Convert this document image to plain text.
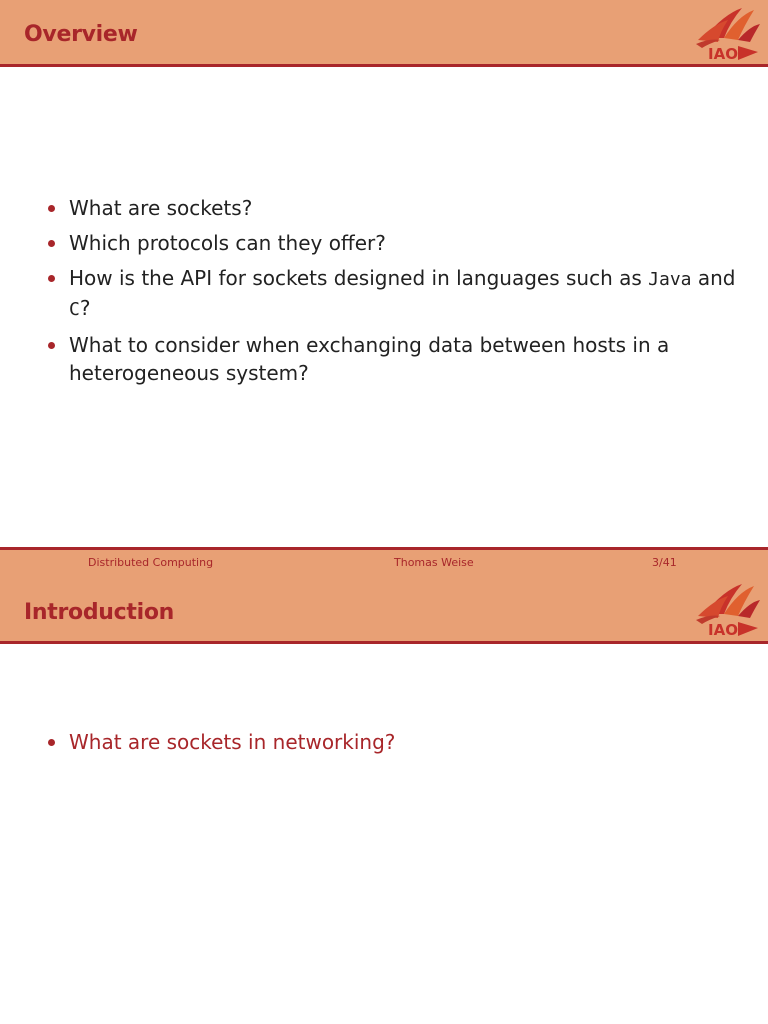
Overview
IAO
What are sockets?
Which protocols can they offer?
How is the API for sockets designed in languages such as Java and C?
What to consider when exchanging data between hosts in a heterogeneous system?
Distributed Computing	Thomas Weise	3/41
Introduction
IAO
What are sockets in networking?
